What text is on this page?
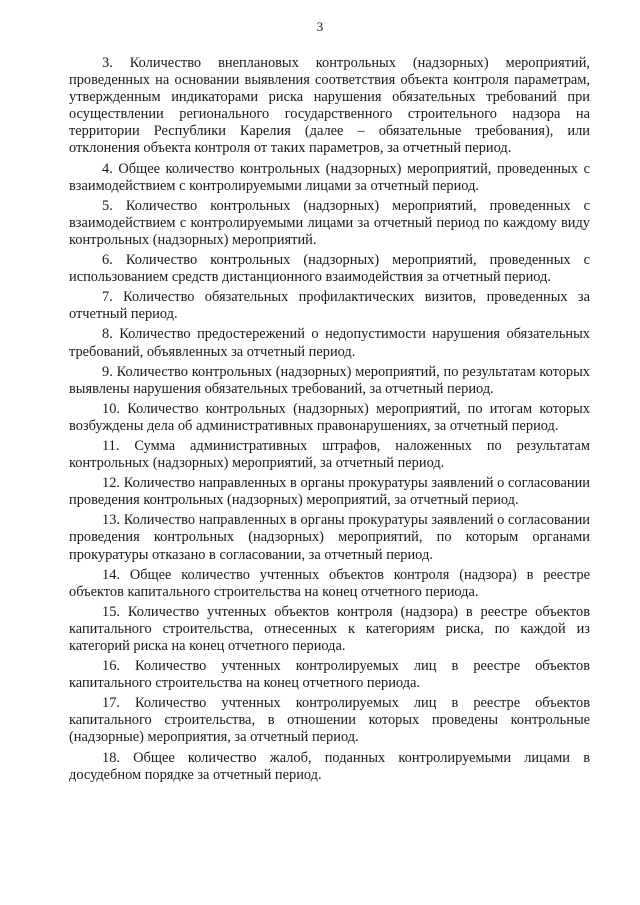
3

3. Количество внеплановых контрольных (надзорных) мероприятий, проведенных на основании выявления соответствия объекта контроля параметрам, утвержденным индикаторами риска нарушения обязательных требований при осуществлении регионального государственного строительного надзора на территории Республики Карелия (далее – обязательные требования), или отклонения объекта контроля от таких параметров, за отчетный период.

4. Общее количество контрольных (надзорных) мероприятий, проведенных с взаимодействием с контролируемыми лицами за отчетный период.

5. Количество контрольных (надзорных) мероприятий, проведенных с взаимодействием с контролируемыми лицами за отчетный период по каждому виду контрольных (надзорных) мероприятий.

6. Количество контрольных (надзорных) мероприятий, проведенных с использованием средств дистанционного взаимодействия за отчетный период.

7. Количество обязательных профилактических визитов, проведенных за отчетный период.

8. Количество предостережений о недопустимости нарушения обязательных требований, объявленных за отчетный период.

9. Количество контрольных (надзорных) мероприятий, по результатам которых выявлены нарушения обязательных требований, за отчетный период.

10. Количество контрольных (надзорных) мероприятий, по итогам которых возбуждены дела об административных правонарушениях, за отчетный период.

11. Сумма административных штрафов, наложенных по результатам контрольных (надзорных) мероприятий, за отчетный период.

12. Количество направленных в органы прокуратуры заявлений о согласовании проведения контрольных (надзорных) мероприятий, за отчетный период.

13. Количество направленных в органы прокуратуры заявлений о согласовании проведения контрольных (надзорных) мероприятий, по которым органами прокуратуры отказано в согласовании, за отчетный период.

14. Общее количество учтенных объектов контроля (надзора) в реестре объектов капитального строительства на конец отчетного периода.

15. Количество учтенных объектов контроля (надзора) в реестре объектов капитального строительства, отнесенных к категориям риска, по каждой из категорий риска на конец отчетного периода.

16. Количество учтенных контролируемых лиц в реестре объектов капитального строительства на конец отчетного периода.

17. Количество учтенных контролируемых лиц в реестре объектов капитального строительства, в отношении которых проведены контрольные (надзорные) мероприятия, за отчетный период.

18. Общее количество жалоб, поданных контролируемыми лицами в досудебном порядке за отчетный период.
